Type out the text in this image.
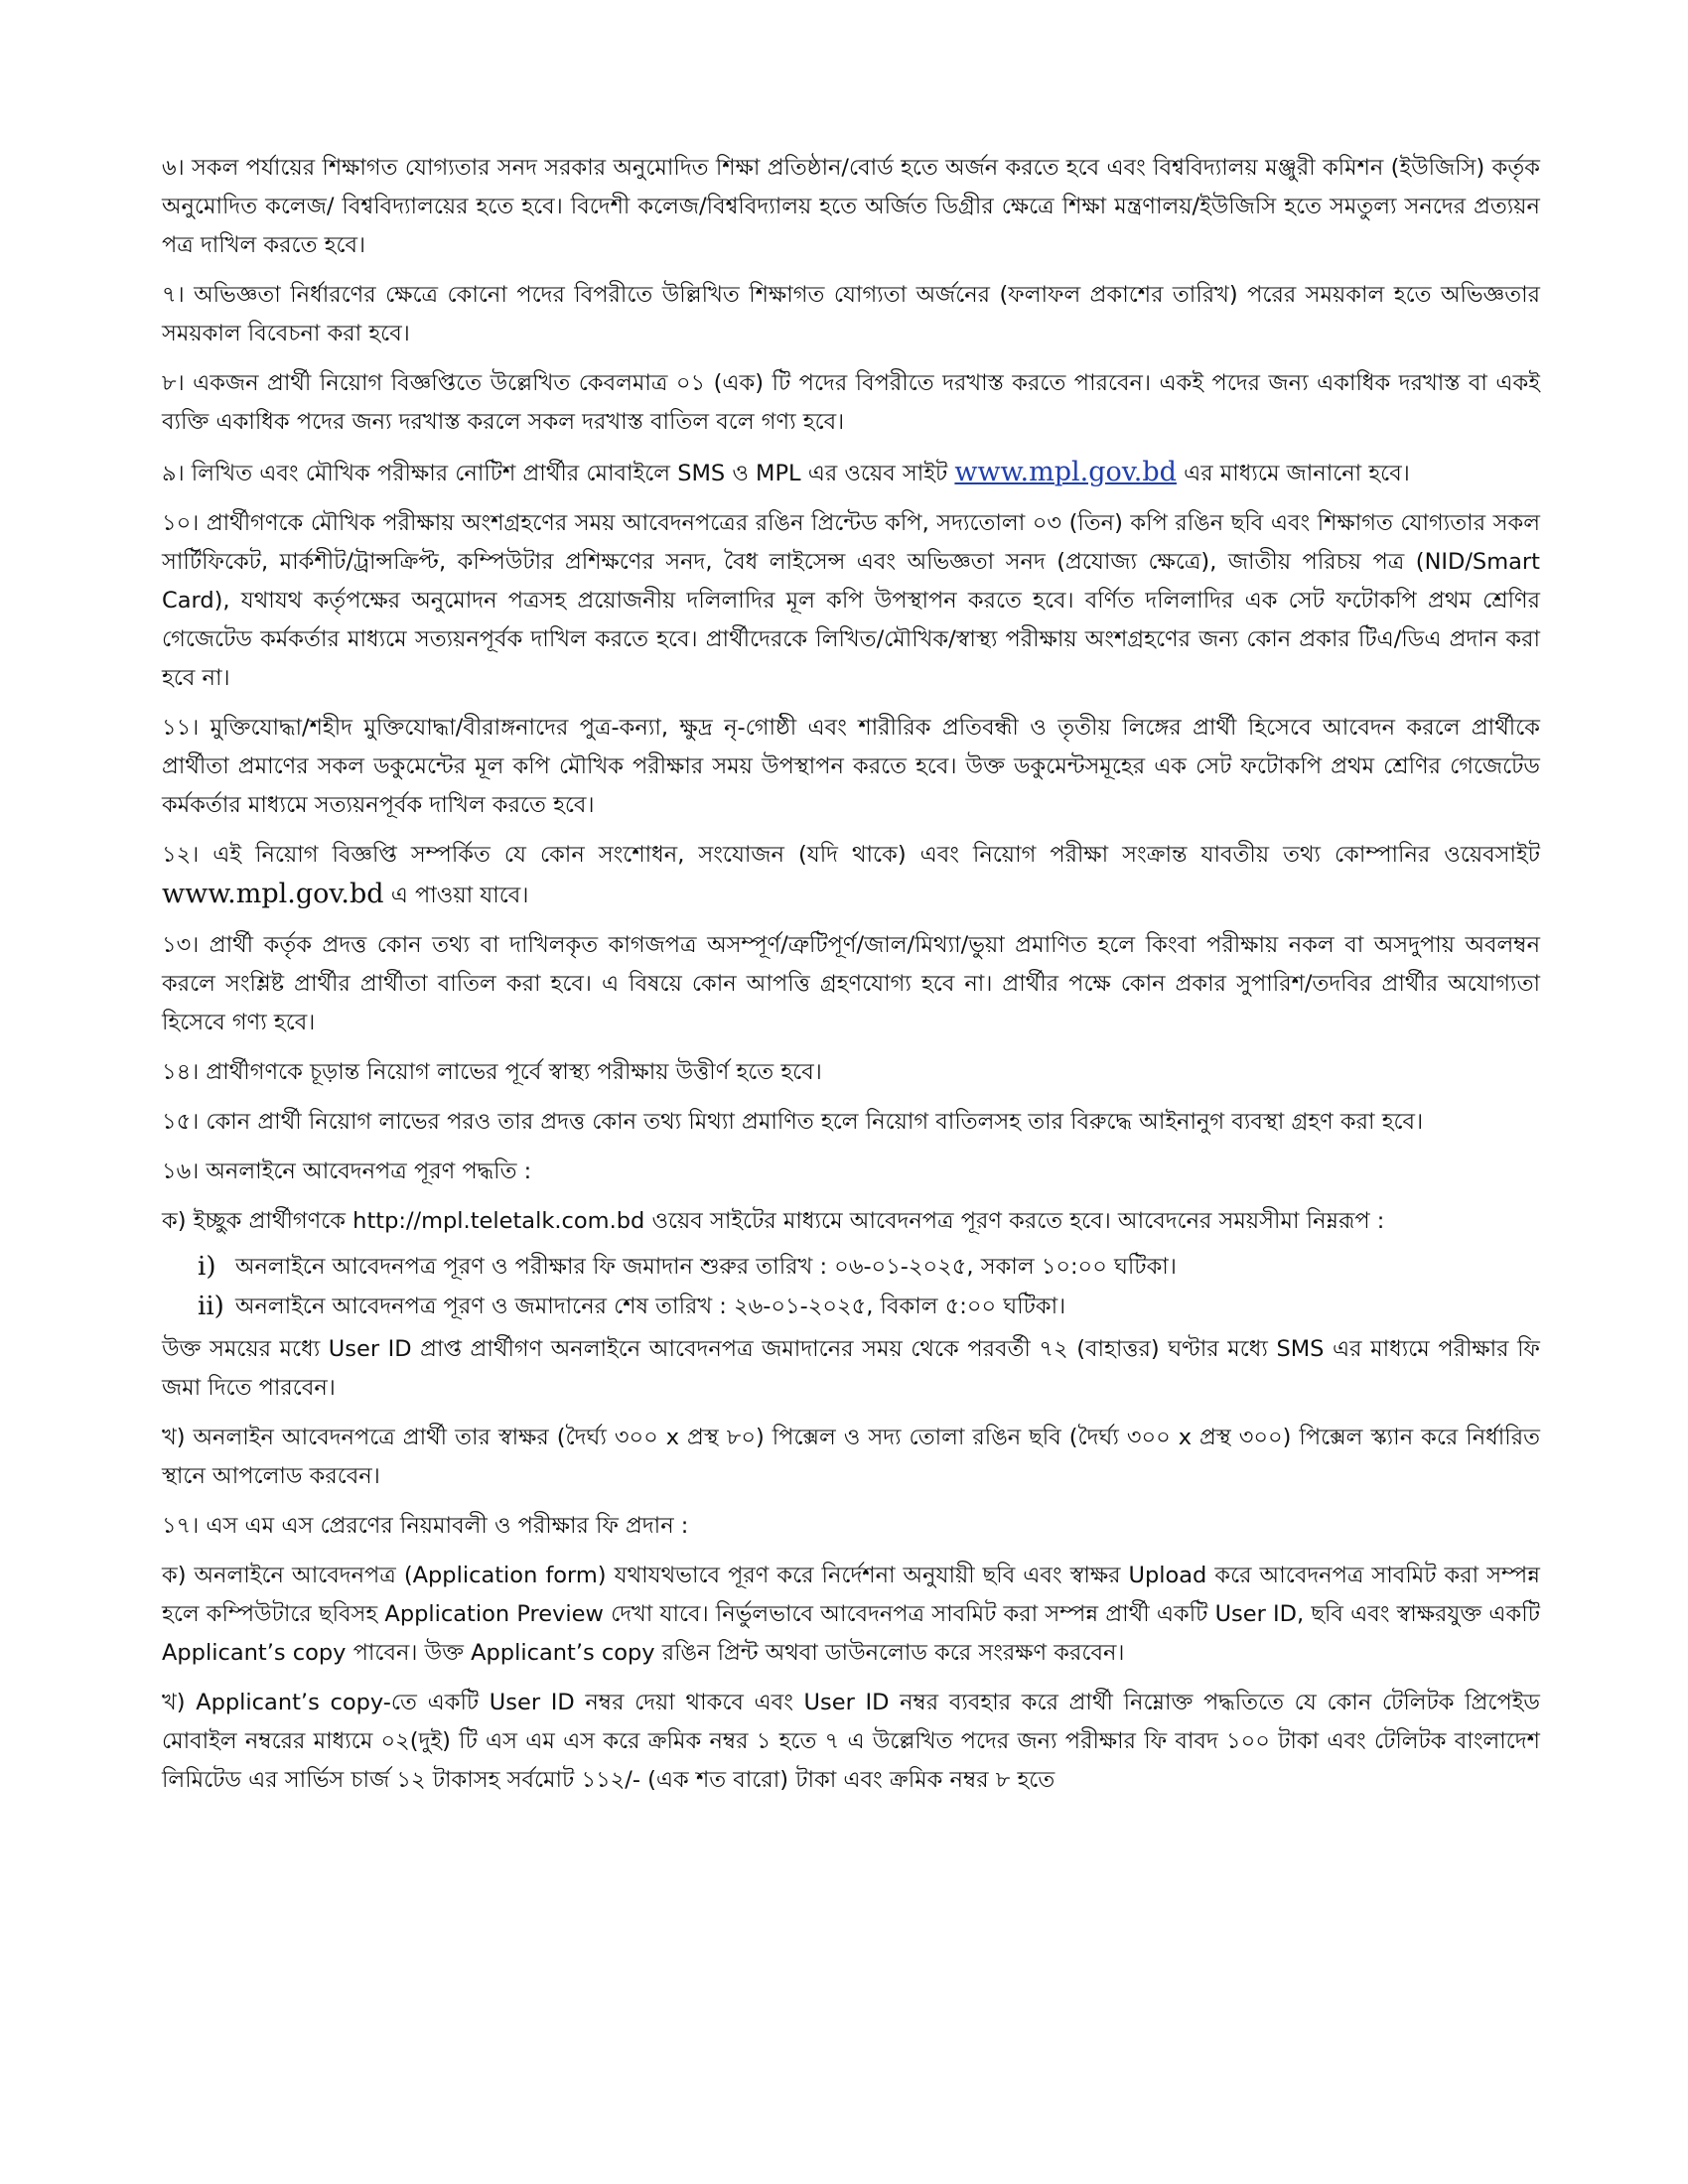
৬। সকল পর্যায়ের শিক্ষাগত যোগ্যতার সনদ সরকার অনুমোদিত শিক্ষা প্রতিষ্ঠান/বোর্ড হতে অর্জন করতে হবে এবং বিশ্ববিদ্যালয় মঞ্জুরী কমিশন (ইউজিসি) কর্তৃক অনুমোদিত কলেজ/ বিশ্ববিদ্যালয়ের হতে হবে। বিদেশী কলেজ/বিশ্ববিদ্যালয় হতে অর্জিত ডিগ্রীর ক্ষেত্রে শিক্ষা মন্ত্রণালয়/ইউজিসি হতে সমতুল্য সনদের প্রত্যয়ন পত্র দাখিল করতে হবে।

৭। অভিজ্ঞতা নির্ধারণের ক্ষেত্রে কোনো পদের বিপরীতে উল্লিখিত শিক্ষাগত যোগ্যতা অর্জনের (ফলাফল প্রকাশের তারিখ) পরের সময়কাল হতে অভিজ্ঞতার সময়কাল বিবেচনা করা হবে।

৮। একজন প্রার্থী নিয়োগ বিজ্ঞপ্তিতে উল্লেখিত কেবলমাত্র ০১ (এক) টি পদের বিপরীতে দরখাস্ত করতে পারবেন। একই পদের জন্য একাধিক দরখাস্ত বা একই ব্যক্তি একাধিক পদের জন্য দরখাস্ত করলে সকল দরখাস্ত বাতিল বলে গণ্য হবে।

৯। লিখিত এবং মৌখিক পরীক্ষার নোটিশ প্রার্থীর মোবাইলে SMS ও MPL এর ওয়েব সাইট www.mpl.gov.bd এর মাধ্যমে জানানো হবে।

১০। প্রার্থীগণকে মৌখিক পরীক্ষায় অংশগ্রহণের সময় আবেদনপত্রের রঙিন প্রিন্টেড কপি, সদ্যতোলা ০৩ (তিন) কপি রঙিন ছবি এবং শিক্ষাগত যোগ্যতার সকল সার্টিফিকেট, মার্কশীট/ট্রান্সক্রিপ্ট, কম্পিউটার প্রশিক্ষণের সনদ, বৈধ লাইসেন্স এবং অভিজ্ঞতা সনদ (প্রযোজ্য ক্ষেত্রে), জাতীয় পরিচয় পত্র (NID/Smart Card), যথাযথ কর্তৃপক্ষের অনুমোদন পত্রসহ প্রয়োজনীয় দলিলাদির মূল কপি উপস্থাপন করতে হবে। বর্ণিত দলিলাদির এক সেট ফটোকপি প্রথম শ্রেণির গেজেটেড কর্মকর্তার মাধ্যমে সত্যয়নপূর্বক দাখিল করতে হবে। প্রার্থীদেরকে লিখিত/মৌখিক/স্বাস্থ্য পরীক্ষায় অংশগ্রহণের জন্য কোন প্রকার টিএ/ডিএ প্রদান করা হবে না।

১১। মুক্তিযোদ্ধা/শহীদ মুক্তিযোদ্ধা/বীরাঙ্গনাদের পুত্র-কন্যা, ক্ষুদ্র নৃ-গোষ্ঠী এবং শারীরিক প্রতিবন্ধী ও তৃতীয় লিঙ্গের প্রার্থী হিসেবে আবেদন করলে প্রার্থীকে প্রার্থীতা প্রমাণের সকল ডকুমেন্টের মূল কপি মৌখিক পরীক্ষার সময় উপস্থাপন করতে হবে। উক্ত ডকুমেন্টসমূহের এক সেট ফটোকপি প্রথম শ্রেণির গেজেটেড কর্মকর্তার মাধ্যমে সত্যয়নপূর্বক দাখিল করতে হবে।

১২। এই নিয়োগ বিজ্ঞপ্তি সম্পর্কিত যে কোন সংশোধন, সংযোজন (যদি থাকে) এবং নিয়োগ পরীক্ষা সংক্রান্ত যাবতীয় তথ্য কোম্পানির ওয়েবসাইট www.mpl.gov.bd এ পাওয়া যাবে।

১৩। প্রার্থী কর্তৃক প্রদত্ত কোন তথ্য বা দাখিলকৃত কাগজপত্র অসম্পূর্ণ/ত্রুটিপূর্ণ/জাল/মিথ্যা/ভুয়া প্রমাণিত হলে কিংবা পরীক্ষায় নকল বা অসদুপায় অবলম্বন করলে সংশ্লিষ্ট প্রার্থীর প্রার্থীতা বাতিল করা হবে। এ বিষয়ে কোন আপত্তি গ্রহণযোগ্য হবে না। প্রার্থীর পক্ষে কোন প্রকার সুপারিশ/তদবির প্রার্থীর অযোগ্যতা হিসেবে গণ্য হবে।

১৪। প্রার্থীগণকে চূড়ান্ত নিয়োগ লাভের পূর্বে স্বাস্থ্য পরীক্ষায় উত্তীর্ণ হতে হবে।

১৫। কোন প্রার্থী নিয়োগ লাভের পরও তার প্রদত্ত কোন তথ্য মিথ্যা প্রমাণিত হলে নিয়োগ বাতিলসহ তার বিরুদ্ধে আইনানুগ ব্যবস্থা গ্রহণ করা হবে।

১৬। অনলাইনে আবেদনপত্র পূরণ পদ্ধতি :

ক) ইচ্ছুক প্রার্থীগণকে http://mpl.teletalk.com.bd ওয়েব সাইটের মাধ্যমে আবেদনপত্র পূরণ করতে হবে। আবেদনের সময়সীমা নিম্নরূপ :

i) অনলাইনে আবেদনপত্র পূরণ ও পরীক্ষার ফি জমাদান শুরুর তারিখ : ০৬-০১-২০২৫, সকাল ১০:০০ ঘটিকা।
ii) অনলাইনে আবেদনপত্র পূরণ ও জমাদানের শেষ তারিখ : ২৬-০১-২০২৫, বিকাল ৫:০০ ঘটিকা।

উক্ত সময়ের মধ্যে User ID প্রাপ্ত প্রার্থীগণ অনলাইনে আবেদনপত্র জমাদানের সময় থেকে পরবর্তী ৭২ (বাহাত্তর) ঘণ্টার মধ্যে SMS এর মাধ্যমে পরীক্ষার ফি জমা দিতে পারবেন।

খ) অনলাইন আবেদনপত্রে প্রার্থী তার স্বাক্ষর (দৈর্ঘ্য ৩০০ x প্রস্থ ৮০) পিক্সেল ও সদ্য তোলা রঙিন ছবি (দৈর্ঘ্য ৩০০ x প্রস্থ ৩০০) পিক্সেল স্ক্যান করে নির্ধারিত স্থানে আপলোড করবেন।

১৭। এস এম এস প্রেরণের নিয়মাবলী ও পরীক্ষার ফি প্রদান :

ক) অনলাইনে আবেদনপত্র (Application form) যথাযথভাবে পূরণ করে নির্দেশনা অনুযায়ী ছবি এবং স্বাক্ষর Upload করে আবেদনপত্র সাবমিট করা সম্পন্ন হলে কম্পিউটারে ছবিসহ Application Preview দেখা যাবে। নির্ভুলভাবে আবেদনপত্র সাবমিট করা সম্পন্ন প্রার্থী একটি User ID, ছবি এবং স্বাক্ষরযুক্ত একটি Applicant’s copy পাবেন। উক্ত Applicant’s copy রঙিন প্রিন্ট অথবা ডাউনলোড করে সংরক্ষণ করবেন।

খ) Applicant’s copy-তে একটি User ID নম্বর দেয়া থাকবে এবং User ID নম্বর ব্যবহার করে প্রার্থী নিম্নোক্ত পদ্ধতিতে যে কোন টেলিটক প্রিপেইড মোবাইল নম্বরের মাধ্যমে ০২(দুই) টি এস এম এস করে ক্রমিক নম্বর ১ হতে ৭ এ উল্লেখিত পদের জন্য পরীক্ষার ফি বাবদ ১০০ টাকা এবং টেলিটক বাংলাদেশ লিমিটেড এর সার্ভিস চার্জ ১২ টাকাসহ সর্বমোট ১১২/- (এক শত বারো) টাকা এবং ক্রমিক নম্বর ৮ হতে
